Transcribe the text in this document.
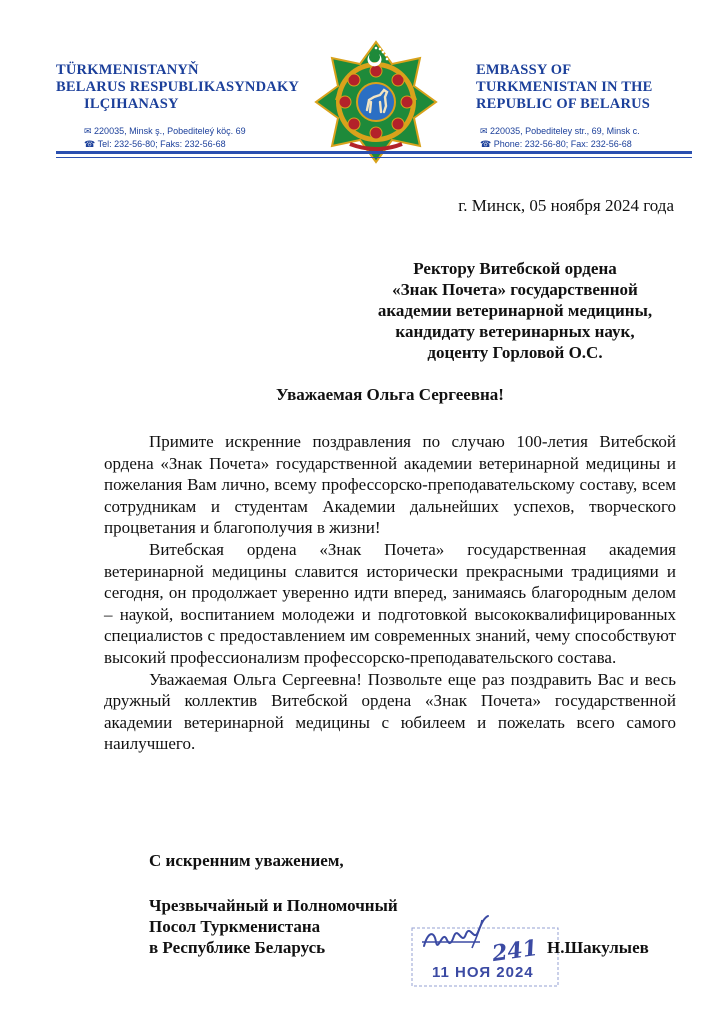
TÜRKMENISTANYŇ
BELARUS RESPUBLIKASYNDAKY
ILÇIHANASY
✉ 220035, Minsk ş., Pobediteleý köç. 69
☎ Tel: 232-56-80; Faks: 232-56-68
EMBASSY OF
TURKMENISTAN IN THE
REPUBLIC OF BELARUS
✉ 220035, Pobediteley str., 69, Minsk c.
☎ Phone: 232-56-80; Fax: 232-56-68
г. Минск, 05 ноября 2024 года
Ректору Витебской ордена
«Знак Почета» государственной
академии ветеринарной медицины,
кандидату ветеринарных наук,
доценту Горловой О.С.
Уважаемая Ольга Сергеевна!

Примите искренние поздравления по случаю 100-летия Витебской ордена «Знак Почета» государственной академии ветеринарной медицины и пожелания Вам лично, всему профессорско-преподавательскому составу, всем сотрудникам и студентам Академии дальнейших успехов, творческого процветания и благополучия в жизни!

Витебская ордена «Знак Почета» государственная академия ветеринарной медицины славится исторически прекрасными традициями и сегодня, он продолжает уверенно идти вперед, занимаясь благородным делом – наукой, воспитанием молодежи и подготовкой высококвалифицированных специалистов с предоставлением им современных знаний, чему способствуют высокий профессионализм профессорско-преподавательского состава.

Уважаемая Ольга Сергеевна! Позвольте еще раз поздравить Вас и весь дружный коллектив Витебской ордена «Знак Почета» государственной академии ветеринарной медицины с юбилеем и пожелать всего самого наилучшего.

С искренним уважением,
Чрезвычайный и Полномочный
Посол Туркменистана
в Республике Беларусь	241
11 НОЯ 2024
Н.Шакулыев
